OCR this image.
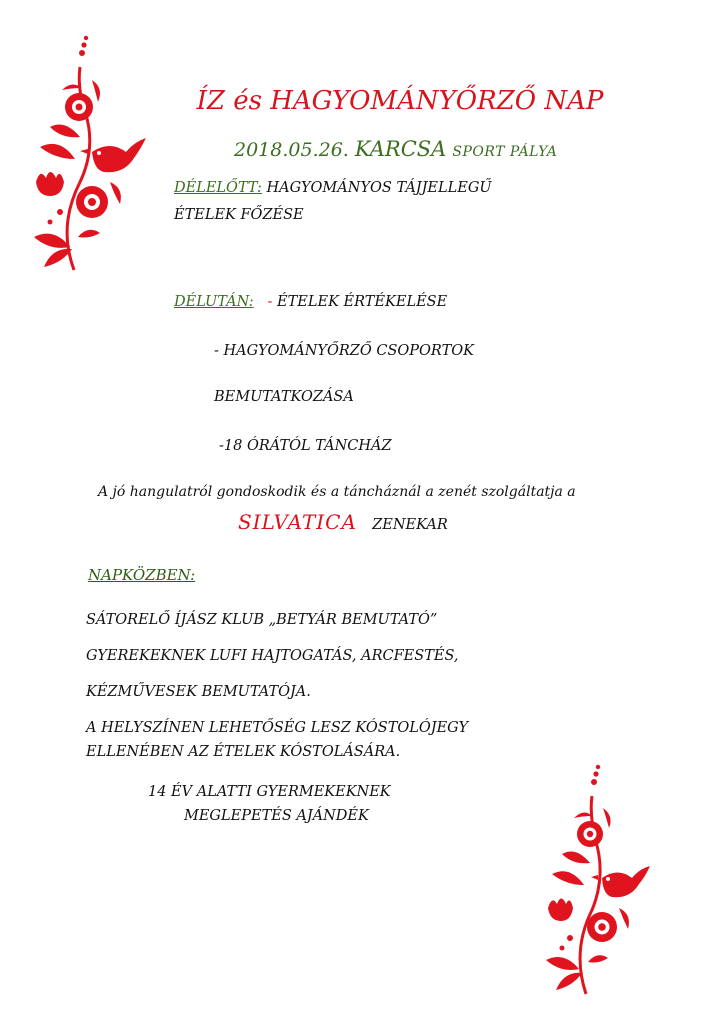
ÍZ és HAGYOMÁNYŐRZŐ NAP
2018.05.26. KARCSA SPORT PÁLYA
DÉLELŐTT: HAGYOMÁNYOS TÁJJELLEGŰ
ÉTELEK FŐZÉSE
DÉLUTÁN: - ÉTELEK ÉRTÉKELÉSE
- HAGYOMÁNYŐRZŐ CSOPORTOK
BEMUTATKOZÁSA
-18 ÓRÁTÓL TÁNCHÁZ
A jó hangulatról gondoskodik és a táncháznál a zenét szolgáltatja a
SILVATICA ZENEKAR
NAPKÖZBEN:
SÁTORELŐ ÍJÁSZ KLUB „BETYÁR BEMUTATÓ”
GYEREKEKNEK LUFI HAJTOGATÁS, ARCFESTÉS,
KÉZMŰVESEK BEMUTATÓJA.
A HELYSZÍNEN LEHETŐSÉG LESZ KÓSTOLÓJEGY
ELLENÉBEN AZ ÉTELEK KÓSTOLÁSÁRA.
14 ÉV ALATTI GYERMEKEKNEK
MEGLEPETÉS AJÁNDÉK
